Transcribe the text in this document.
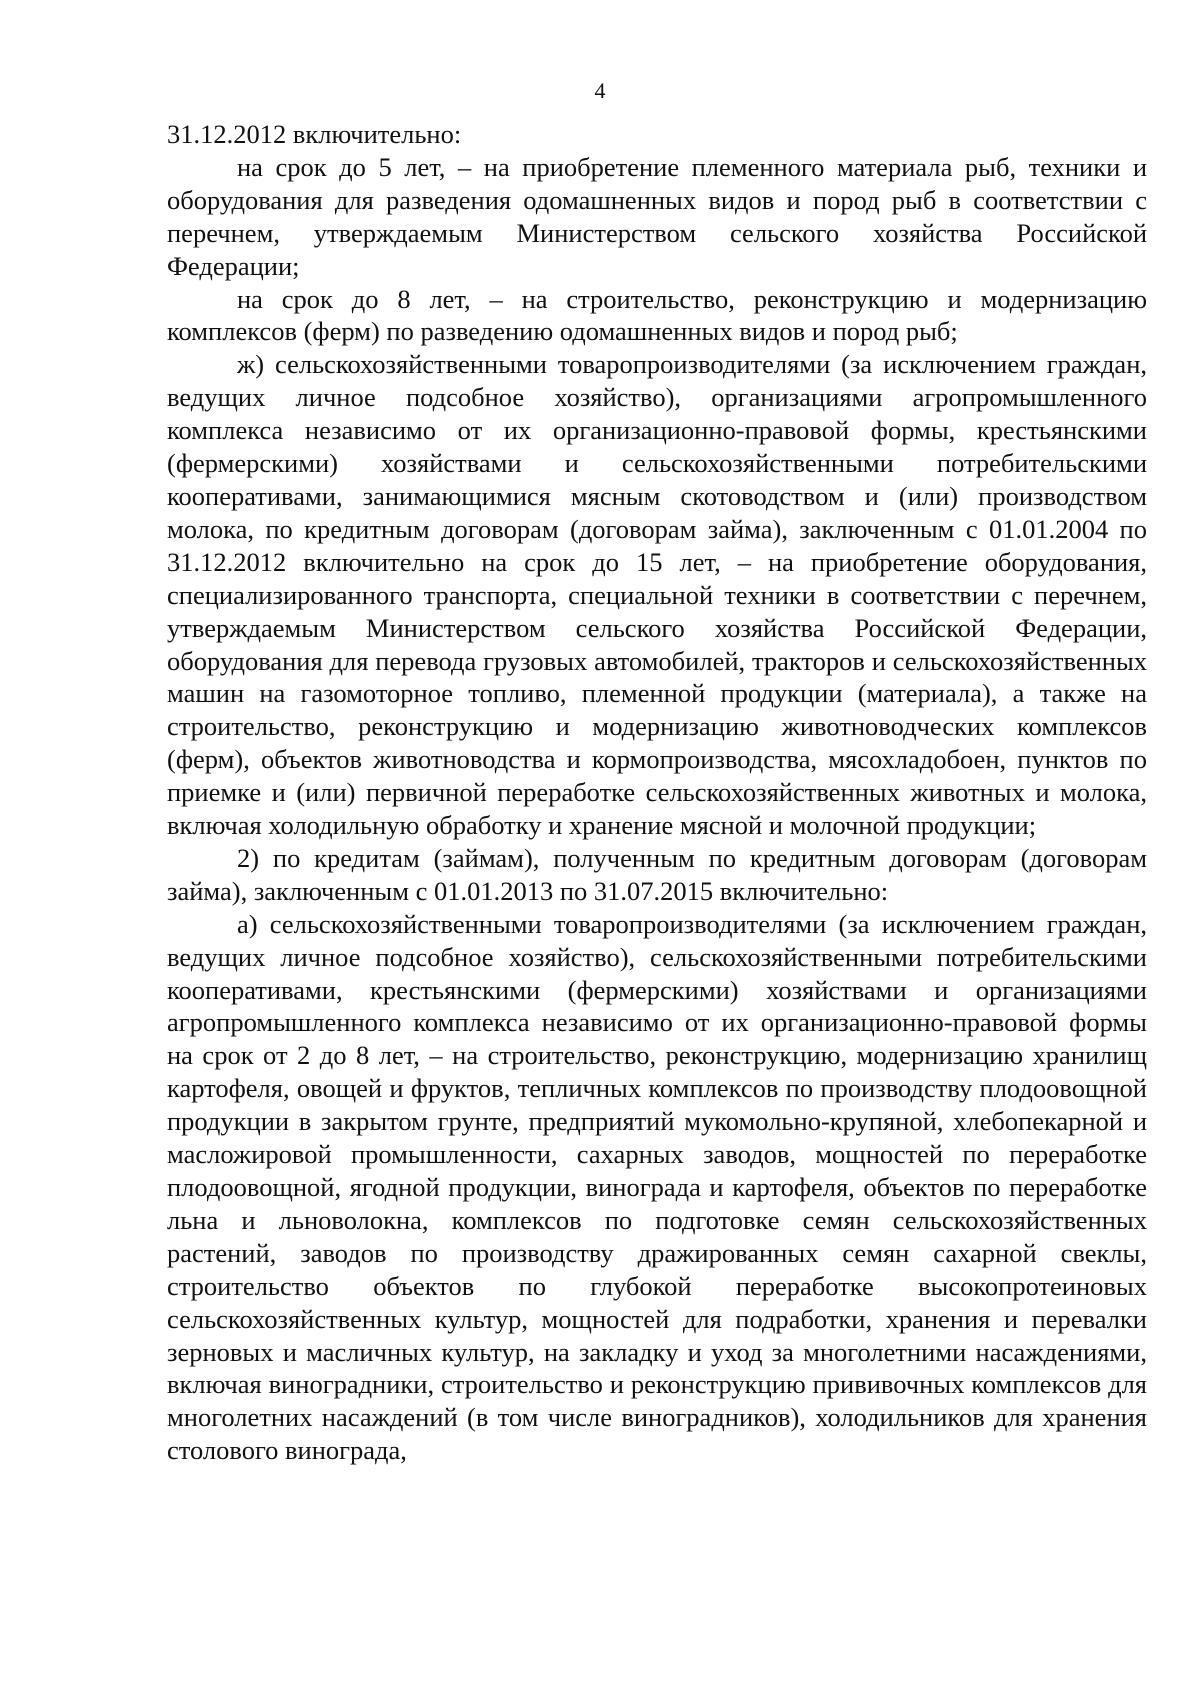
4

31.12.2012 включительно:

на срок до 5 лет, – на приобретение племенного материала рыб, техники и оборудования для разведения одомашненных видов и пород рыб в соответствии с перечнем, утверждаемым Министерством сельского хозяйства Российской Федерации;

на срок до 8 лет, – на строительство, реконструкцию и модернизацию комплексов (ферм) по разведению одомашненных видов и пород рыб;

ж) сельскохозяйственными товаропроизводителями (за исключением граждан, ведущих личное подсобное хозяйство), организациями агропромышленного комплекса независимо от их организационно-правовой формы, крестьянскими (фермерскими) хозяйствами и сельскохозяйственными потребительскими кооперативами, занимающимися мясным скотоводством и (или) производством молока, по кредитным договорам (договорам займа), заключенным с 01.01.2004 по 31.12.2012 включительно на срок до 15 лет, – на приобретение оборудования, специализированного транспорта, специальной техники в соответствии с перечнем, утверждаемым Министерством сельского хозяйства Российской Федерации, оборудования для перевода грузовых автомобилей, тракторов и сельскохозяйственных машин на газомоторное топливо, племенной продукции (материала), а также на строительство, реконструкцию и модернизацию животноводческих комплексов (ферм), объектов животноводства и кормопроизводства, мясохладобоен, пунктов по приемке и (или) первичной переработке сельскохозяйственных животных и молока, включая холодильную обработку и хранение мясной и молочной продукции;

2) по кредитам (займам), полученным по кредитным договорам (договорам займа), заключенным с 01.01.2013 по 31.07.2015 включительно:

а) сельскохозяйственными товаропроизводителями (за исключением граждан, ведущих личное подсобное хозяйство), сельскохозяйственными потребительскими кооперативами, крестьянскими (фермерскими) хозяйствами и организациями агропромышленного комплекса независимо от их организационно-правовой формы на срок от 2 до 8 лет, – на строительство, реконструкцию, модернизацию хранилищ картофеля, овощей и фруктов, тепличных комплексов по производству плодоовощной продукции в закрытом грунте, предприятий мукомольно-крупяной, хлебопекарной и масложировой промышленности, сахарных заводов, мощностей по переработке плодоовощной, ягодной продукции, винограда и картофеля, объектов по переработке льна и льноволокна, комплексов по подготовке семян сельскохозяйственных растений, заводов по производству дражированных семян сахарной свеклы, строительство объектов по глубокой переработке высокопротеиновых сельскохозяйственных культур, мощностей для подработки, хранения и перевалки зерновых и масличных культур, на закладку и уход за многолетними насаждениями, включая виноградники, строительство и реконструкцию прививочных комплексов для многолетних насаждений (в том числе виноградников), холодильников для хранения столового винограда,
